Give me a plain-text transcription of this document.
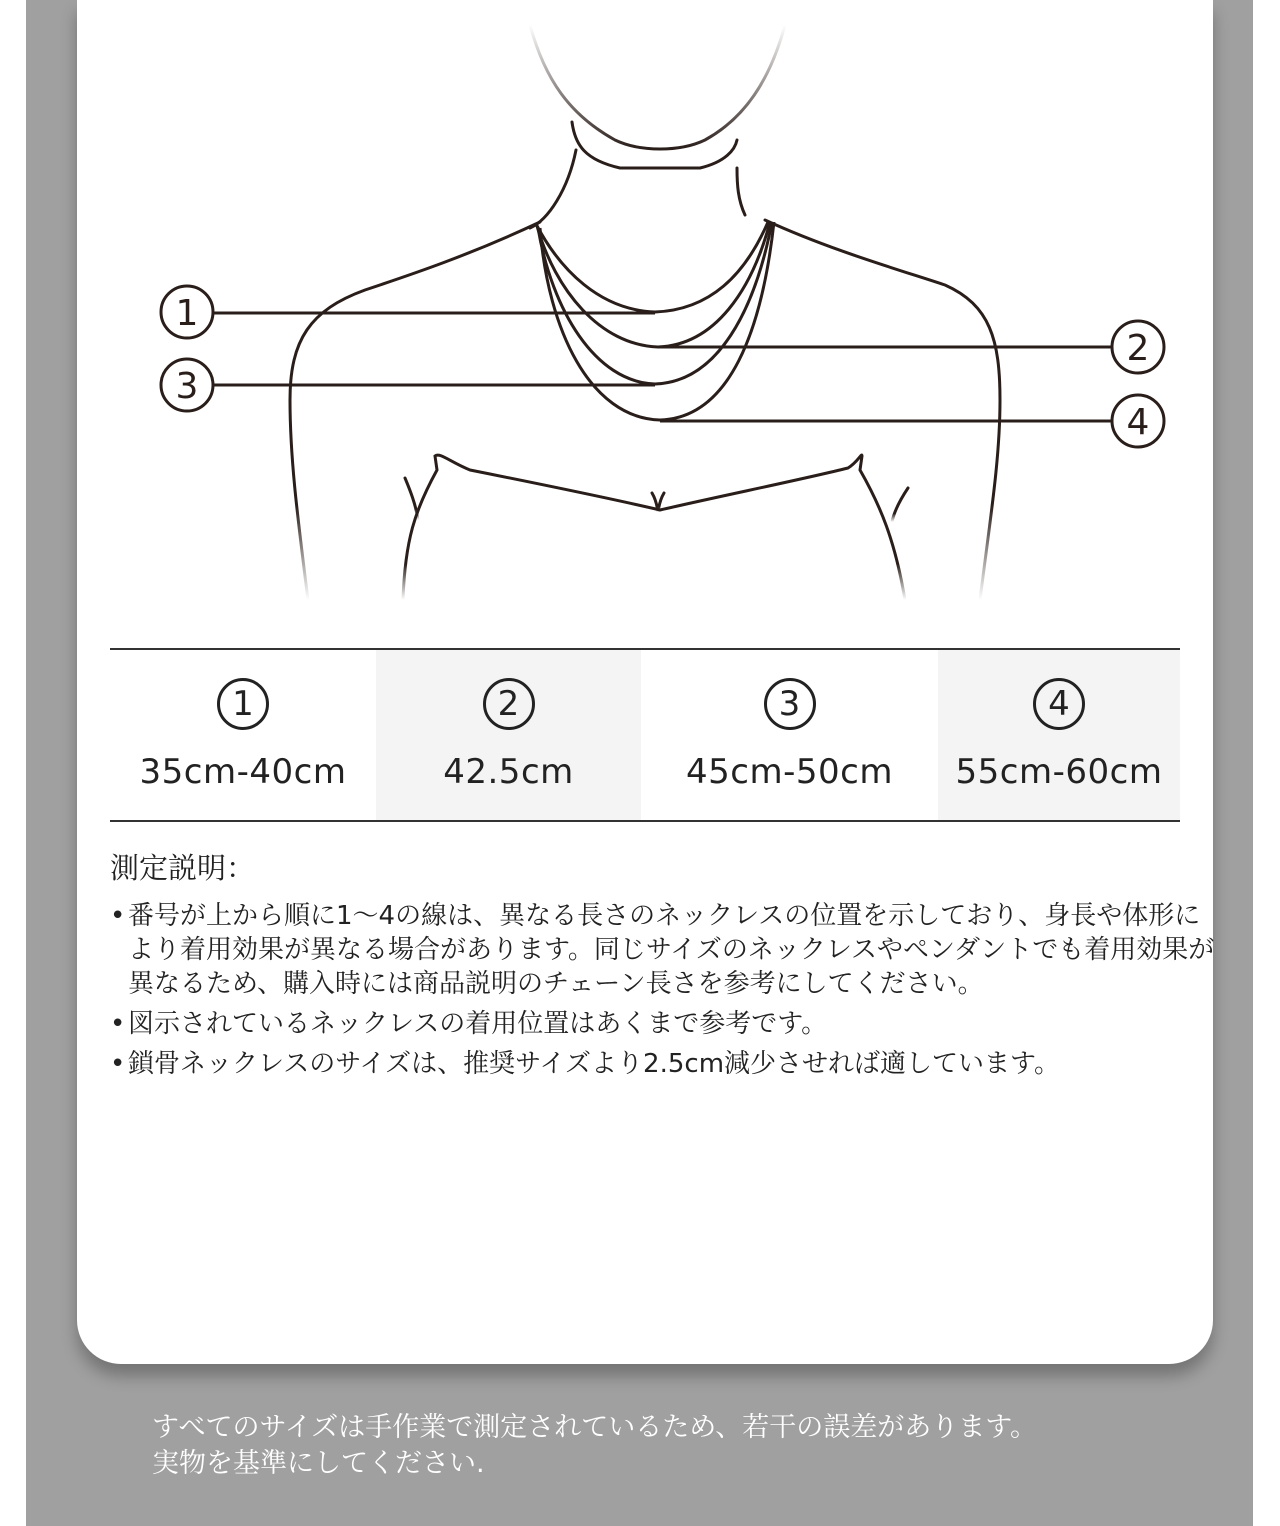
1
2
3
4
1
35cm-40cm
2
42.5cm
3
45cm-50cm
4
55cm-60cm
測定説明：
• 番号が上から順に1〜4の線は、異なる長さのネックレスの位置を示しており、身長や体形により着用効果が異なる場合があります。同じサイズのネックレスやペンダントでも着用効果が異なるため、購入時には商品説明のチェーン長さを参考にしてください。
• 図示されているネックレスの着用位置はあくまで参考です。
• 鎖骨ネックレスのサイズは、推奨サイズより2.5cm減少させれば適しています。
すべてのサイズは手作業で測定されているため、若干の誤差があります。
実物を基準にしてください.
